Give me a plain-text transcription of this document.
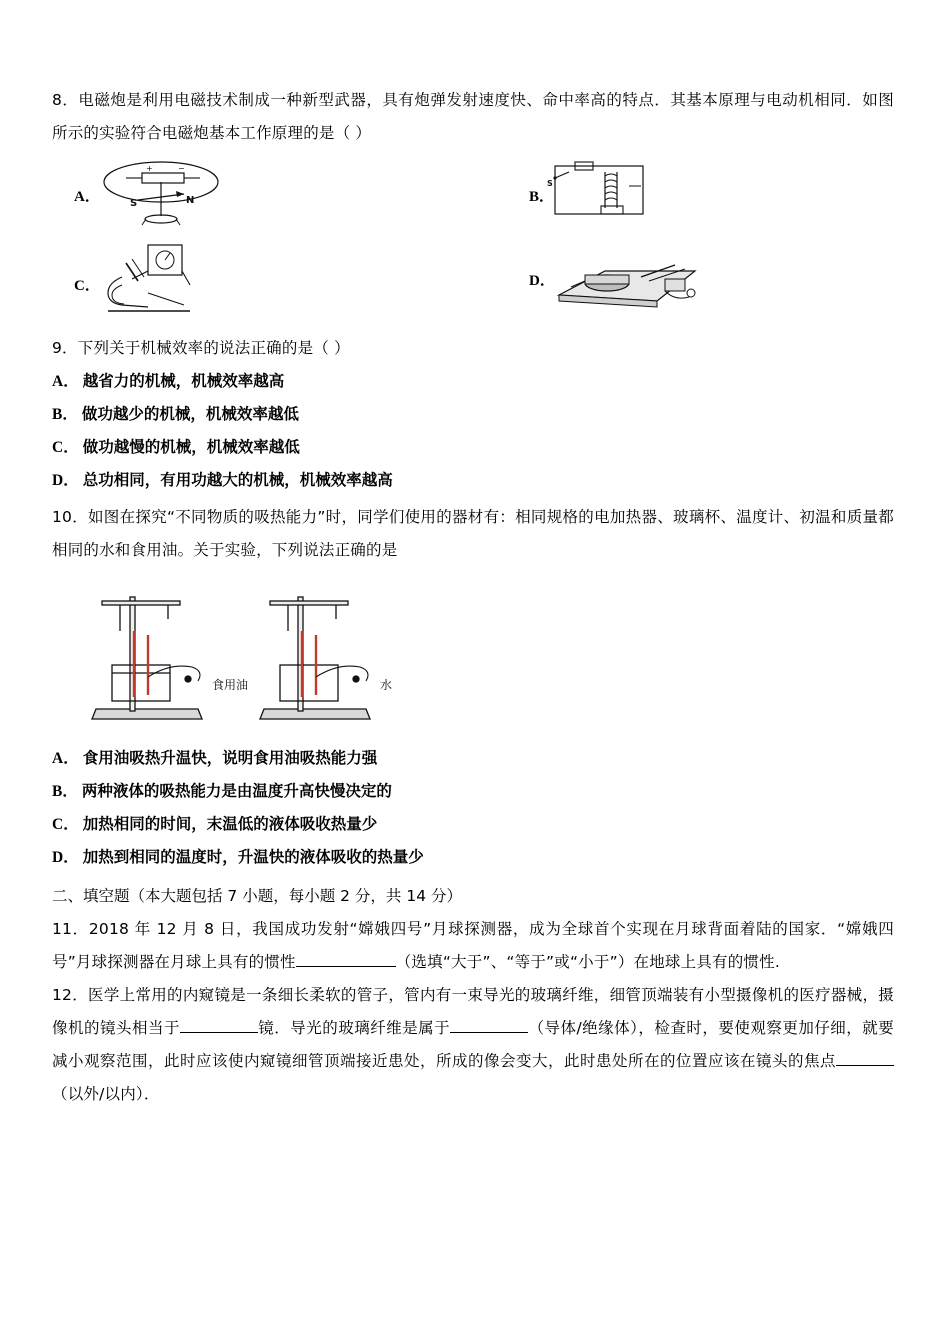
8．电磁炮是利用电磁技术制成一种新型武器，具有炮弹发射速度快、命中率高的特点．其基本原理与电动机相同．如图所示的实验符合电磁炮基本工作原理的是（ ）
A．
+	−
S	N	B．
S
C．	D．
9．下列关于机械效率的说法正确的是（ ）
A． 越省力的机械，机械效率越高
B． 做功越少的机械，机械效率越低
C． 做功越慢的机械，机械效率越低
D． 总功相同，有用功越大的机械，机械效率越高
10．如图在探究“不同物质的吸热能力”时，同学们使用的器材有：相同规格的电加热器、玻璃杯、温度计、初温和质量都相同的水和食用油。关于实验，下列说法正确的是
食用油	水
A． 食用油吸热升温快，说明食用油吸热能力强
B． 两种液体的吸热能力是由温度升高快慢决定的
C． 加热相同的时间，末温低的液体吸收热量少
D． 加热到相同的温度时，升温快的液体吸收的热量少
二、填空题（本大题包括 7 小题，每小题 2 分，共 14 分）
11．2018 年 12 月 8 日，我国成功发射“嫦娥四号”月球探测器，成为全球首个实现在月球背面着陆的国家．“嫦娥四号”月球探测器在月球上具有的惯性	（选填“大于”、“等于”或“小于”）在地球上具有的惯性.
12．医学上常用的内窥镜是一条细长柔软的管子，管内有一束导光的玻璃纤维，细管顶端装有小型摄像机的医疗器械，摄像机的镜头相当于	镜．导光的玻璃纤维是属于	（导体/绝缘体），检查时，要使观察更加仔细，就要减小观察范围，此时应该使内窥镜细管顶端接近患处，所成的像会变大，此时患处所在的位置应该在镜头的焦点（以外/以内）．
